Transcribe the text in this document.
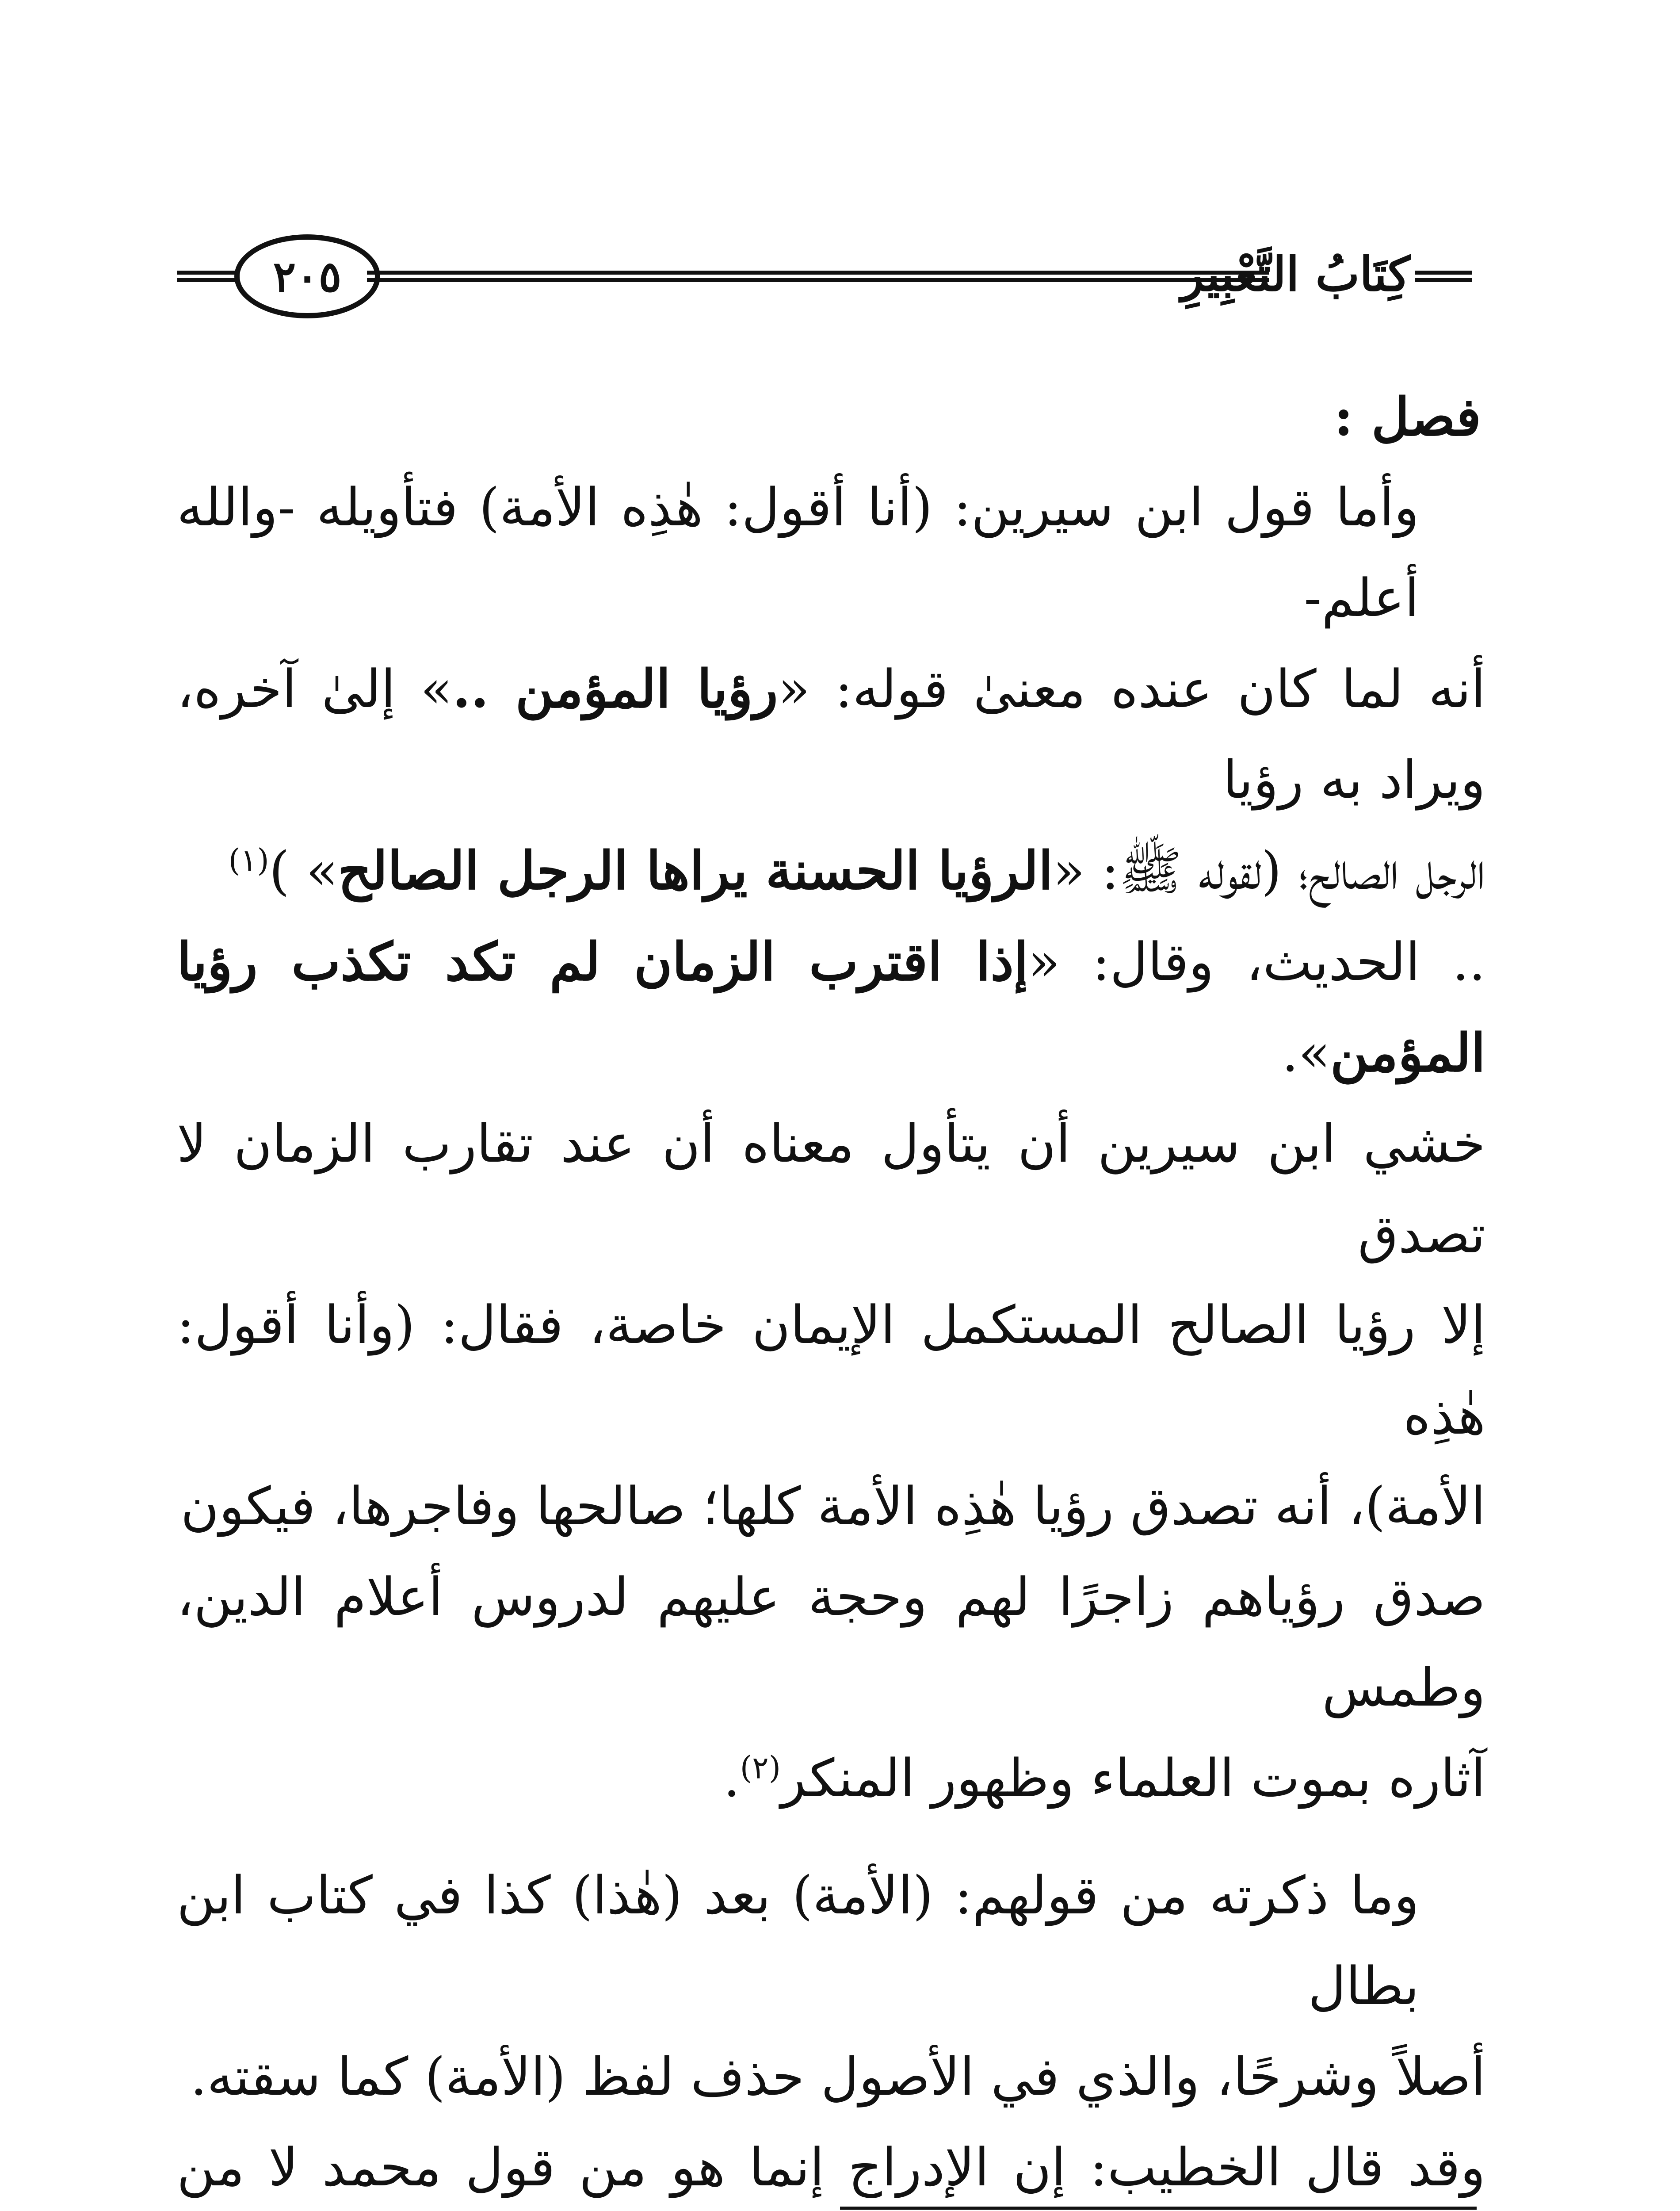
٢٠٥	كِتَابُ التَّعْبِيرِ

فصل :

وأما قول ابن سيرين: (أنا أقول: هٰذِه الأمة) فتأويله -والله أعلم-

أنه لما كان عنده معنىٰ قوله: «رؤيا المؤمن ..» إلىٰ آخره، ويراد به رؤيا

الرجل الصالح؛ (لقوله ﷺ: «الرؤيا الحسنة يراها الرجل الصالح» )$^{(١)}$

.. الحديث، وقال: «إذا اقترب الزمان لم تكد تكذب رؤيا المؤمن».

خشي ابن سيرين أن يتأول معناه أن عند تقارب الزمان لا تصدق

إلا رؤيا الصالح المستكمل الإيمان خاصة، فقال: (وأنا أقول: هٰذِه

الأمة)، أنه تصدق رؤيا هٰذِه الأمة كلها؛ صالحها وفاجرها، فيكون

صدق رؤياهم زاجرًا لهم وحجة عليهم لدروس أعلام الدين، وطمس

آثاره بموت العلماء وظهور المنكر$^{(٢)}$.

وما ذكرته من قولهم: (الأمة) بعد (هٰذا) كذا في كتاب ابن بطال

أصلاً وشرحًا، والذي في الأصول حذف لفظ (الأمة) كما سقته.

وقد قال الخطيب: إن الإدراج إنما هو من قول محمد لا من
